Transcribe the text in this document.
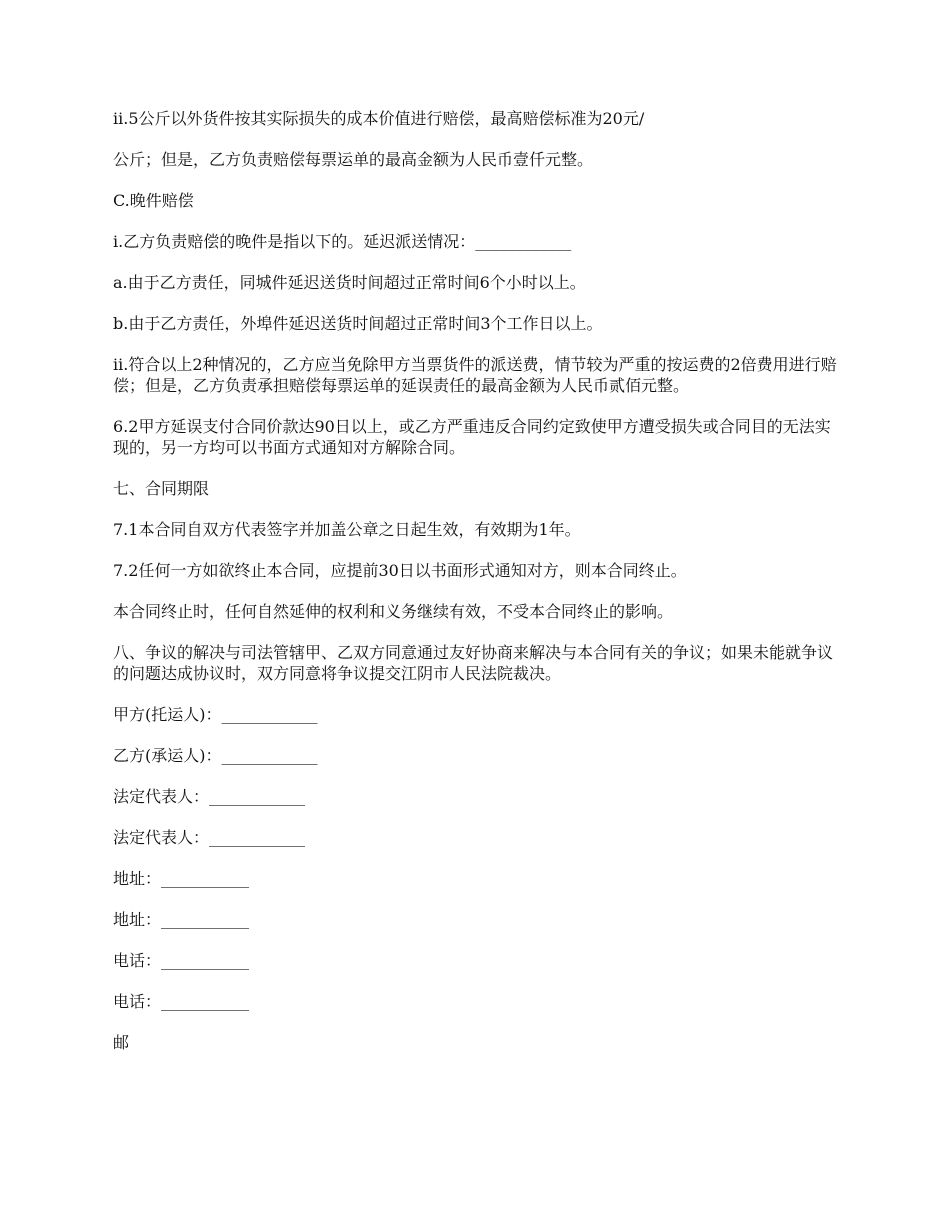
ii.5公斤以外货件按其实际损失的成本价值进行赔偿，最高赔偿标准为20元/

公斤；但是，乙方负责赔偿每票运单的最高金额为人民币壹仟元整。

C.晚件赔偿

i.乙方负责赔偿的晚件是指以下的。延迟派送情况：____________

a.由于乙方责任，同城件延迟送货时间超过正常时间6个小时以上。

b.由于乙方责任，外埠件延迟送货时间超过正常时间3个工作日以上。

ii.符合以上2种情况的，乙方应当免除甲方当票货件的派送费，情节较为严重的按运费的2倍费用进行赔偿；但是，乙方负责承担赔偿每票运单的延误责任的最高金额为人民币贰佰元整。

6.2甲方延误支付合同价款达90日以上，或乙方严重违反合同约定致使甲方遭受损失或合同目的无法实现的，另一方均可以书面方式通知对方解除合同。

七、合同期限

7.1本合同自双方代表签字并加盖公章之日起生效，有效期为1年。

7.2任何一方如欲终止本合同，应提前30日以书面形式通知对方，则本合同终止。

本合同终止时，任何自然延伸的权利和义务继续有效，不受本合同终止的影响。

八、争议的解决与司法管辖甲、乙双方同意通过友好协商来解决与本合同有关的争议；如果未能就争议的问题达成协议时，双方同意将争议提交江阴市人民法院裁决。

甲方(托运人)：____________

乙方(承运人)：____________

法定代表人：____________

法定代表人：____________

地址：___________

地址：___________

电话：___________

电话：___________

邮
